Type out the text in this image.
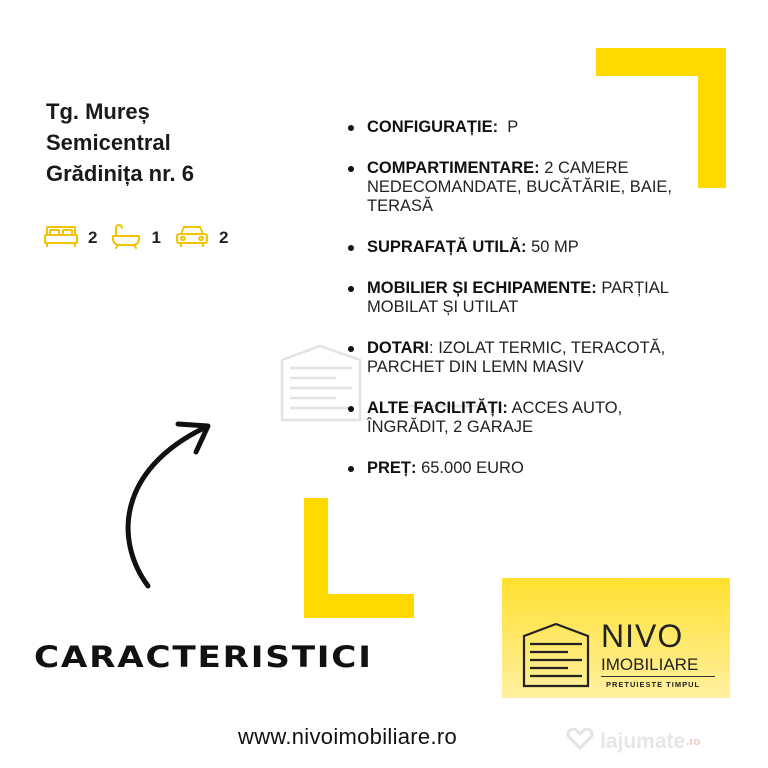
Tg. Mureș
Semicentral
Grădinița nr. 6
2	1	2
CONFIGURAȚIE:  P
COMPARTIMENTARE: 2 CAMERE NEDECOMANDATE, BUCĂTĂRIE, BAIE, TERASĂ
SUPRAFAȚĂ UTILĂ: 50 MP
MOBILIER ȘI ECHIPAMENTE: PARȚIAL MOBILAT ȘI UTILAT
DOTARI: IZOLAT TERMIC, TERACOTĂ, PARCHET DIN LEMN MASIV
ALTE FACILITĂȚI: ACCES AUTO, ÎNGRĂDIT, 2 GARAJE
PREȚ: 65.000 EURO
CARACTERISTICI
NIVO
IMOBILIARE
PRETUIESTE TIMPUL
www.nivoimobiliare.ro	lajumate .ro
